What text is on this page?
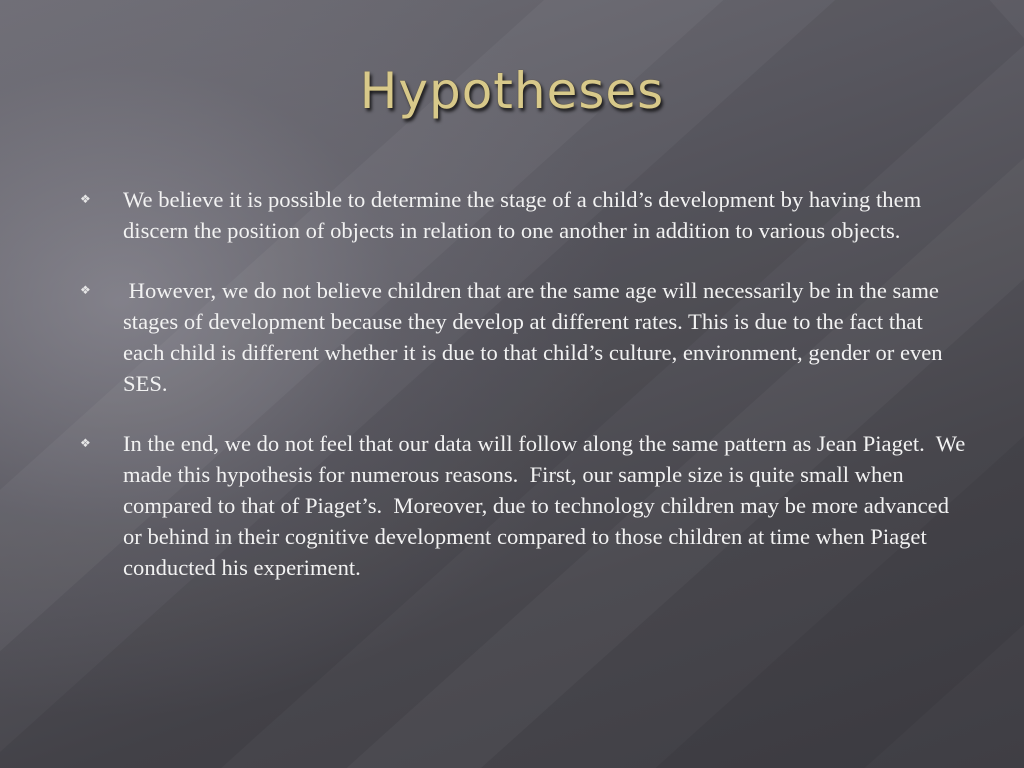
Hypotheses
❖ We believe it is possible to determine the stage of a child’s development by having them discern the position of objects in relation to one another in addition to various objects.
❖ However, we do not believe children that are the same age will necessarily be in the same stages of development because they develop at different rates. This is due to the fact that each child is different whether it is due to that child’s culture, environment, gender or even SES.
❖ In the end, we do not feel that our data will follow along the same pattern as Jean Piaget.  We made this hypothesis for numerous reasons.  First, our sample size is quite small when compared to that of Piaget’s.  Moreover, due to technology children may be more advanced or behind in their cognitive development compared to those children at time when Piaget conducted his experiment.
